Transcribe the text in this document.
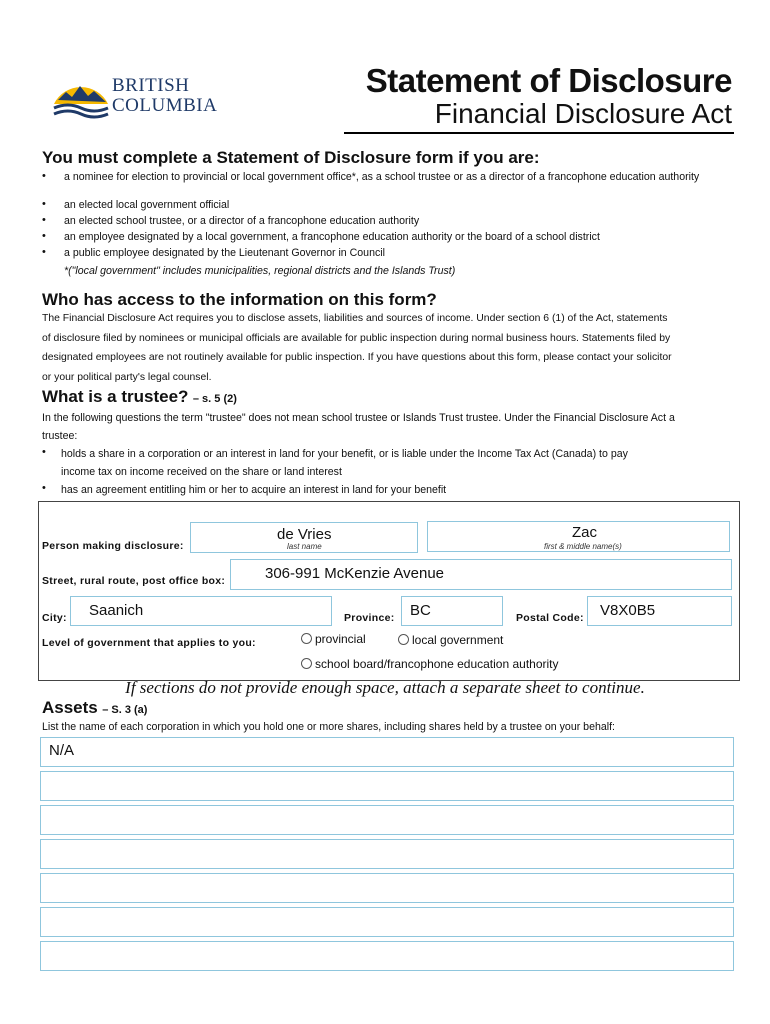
BRITISH
COLUMBIA
Statement of Disclosure
Financial Disclosure Act
You must complete a Statement of Disclosure form if you are:
• a nominee for election to provincial or local government office*, as a school trustee or as a director of a francophone education authority
• an elected local government official
• an elected school trustee, or a director of a francophone education authority
• an employee designated by a local government, a francophone education authority or the board of a school district
• a public employee designated by the Lieutenant Governor in Council
*("local government" includes municipalities, regional districts and the Islands Trust)
Who has access to the information on this form?
The Financial Disclosure Act requires you to disclose assets, liabilities and sources of income. Under section 6 (1) of the Act, statements
of disclosure filed by nominees or municipal officials are available for public inspection during normal business hours. Statements filed by
designated employees are not routinely available for public inspection. If you have questions about this form, please contact your solicitor
or your political party's legal counsel.
What is a trustee? – s. 5 (2)
In the following questions the term "trustee" does not mean school trustee or Islands Trust trustee. Under the Financial Disclosure Act a
trustee:
• holds a share in a corporation or an interest in land for your benefit, or is liable under the Income Tax Act (Canada) to pay
income tax on income received on the share or land interest
• has an agreement entitling him or her to acquire an interest in land for your benefit
Person making disclosure:
de Vries
last name
Zac
first & middle name(s)
Street, rural route, post office box:	306-991 McKenzie Avenue
City: Saanich	Province: BC	Postal Code: V8X0B5
Level of government that applies to you:	provincial	local government
school board/francophone education authority
If sections do not provide enough space, attach a separate sheet to continue.
Assets – S. 3 (a)
List the name of each corporation in which you hold one or more shares, including shares held by a trustee on your behalf:
N/A
